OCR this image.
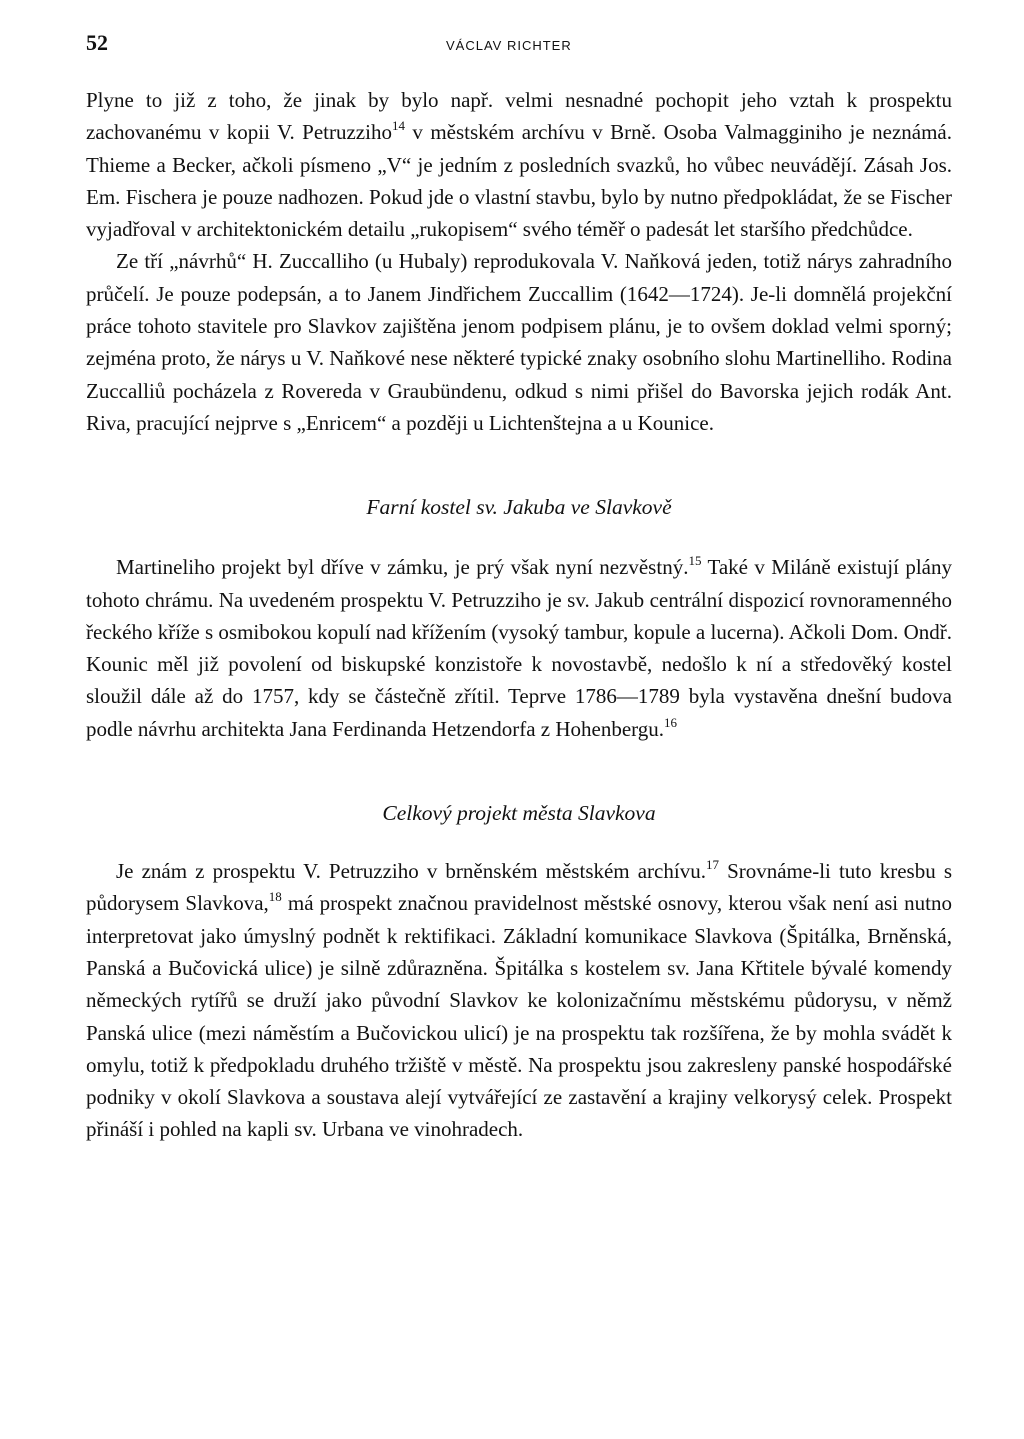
52	VÁCLAV RICHTER

Plyne to již z toho, že jinak by bylo např. velmi nesnadné pochopit jeho vztah k prospektu zachovanému v kopii V. Petruzziho$^{14}$ v městském archívu v Brně. Osoba Valmagginiho je neznámá. Thieme a Becker, ačkoli písmeno „V“ je jedním z posledních svazků, ho vůbec neuvádějí. Zásah Jos. Em. Fischera je pouze nadhozen. Pokud jde o vlastní stavbu, bylo by nutno předpokládat, že se Fischer vyjadřoval v architektonickém detailu „rukopisem“ svého téměř o padesát let staršího předchůdce.

Ze tří „návrhů“ H. Zuccalliho (u Hubaly) reprodukovala V. Naňková jeden, totiž nárys zahradního průčelí. Je pouze podepsán, a to Janem Jindřichem Zuccallim (1642—1724). Je-li domnělá projekční práce tohoto stavitele pro Slavkov zajištěna jenom podpisem plánu, je to ovšem doklad velmi sporný; zejména proto, že nárys u V. Naňkové nese některé typické znaky osobního slohu Martinelliho. Rodina Zuccalliů pocházela z Rovereda v Graubündenu, odkud s nimi přišel do Bavorska jejich rodák Ant. Riva, pracující nejprve s „Enricem“ a později u Lichtenštejna a u Kounice.

Farní kostel sv. Jakuba ve Slavkově

Martineliho projekt byl dříve v zámku, je prý však nyní nezvěstný.$^{15}$ Také v Miláně existují plány tohoto chrámu. Na uvedeném prospektu V. Petruzziho je sv. Jakub centrální dispozicí rovnoramenného řeckého kříže s osmibokou kopulí nad křížením (vysoký tambur, kopule a lucerna). Ačkoli Dom. Ondř. Kounic měl již povolení od biskupské konzistoře k novostavbě, nedošlo k ní a středověký kostel sloužil dále až do 1757, kdy se částečně zřítil. Teprve 1786—1789 byla vystavěna dnešní budova podle návrhu architekta Jana Ferdinanda Hetzendorfa z Hohenbergu.$^{16}$

Celkový projekt města Slavkova

Je znám z prospektu V. Petruzziho v brněnském městském archívu.$^{17}$ Srovnáme-li tuto kresbu s půdorysem Slavkova,$^{18}$ má prospekt značnou pravidelnost městské osnovy, kterou však není asi nutno interpretovat jako úmyslný podnět k rektifikaci. Základní komunikace Slavkova (Špitálka, Brněnská, Panská a Bučovická ulice) je silně zdůrazněna. Špitálka s kostelem sv. Jana Křtitele bývalé komendy německých rytířů se druží jako původní Slavkov ke kolonizačnímu městskému půdorysu, v němž Panská ulice (mezi náměstím a Bučovickou ulicí) je na prospektu tak rozšířena, že by mohla svádět k omylu, totiž k předpokladu druhého tržiště v městě. Na prospektu jsou zakresleny panské hospodářské podniky v okolí Slavkova a soustava alejí vytvářející ze zastavění a krajiny velkorysý celek. Prospekt přináší i pohled na kapli sv. Urbana ve vinohradech.
